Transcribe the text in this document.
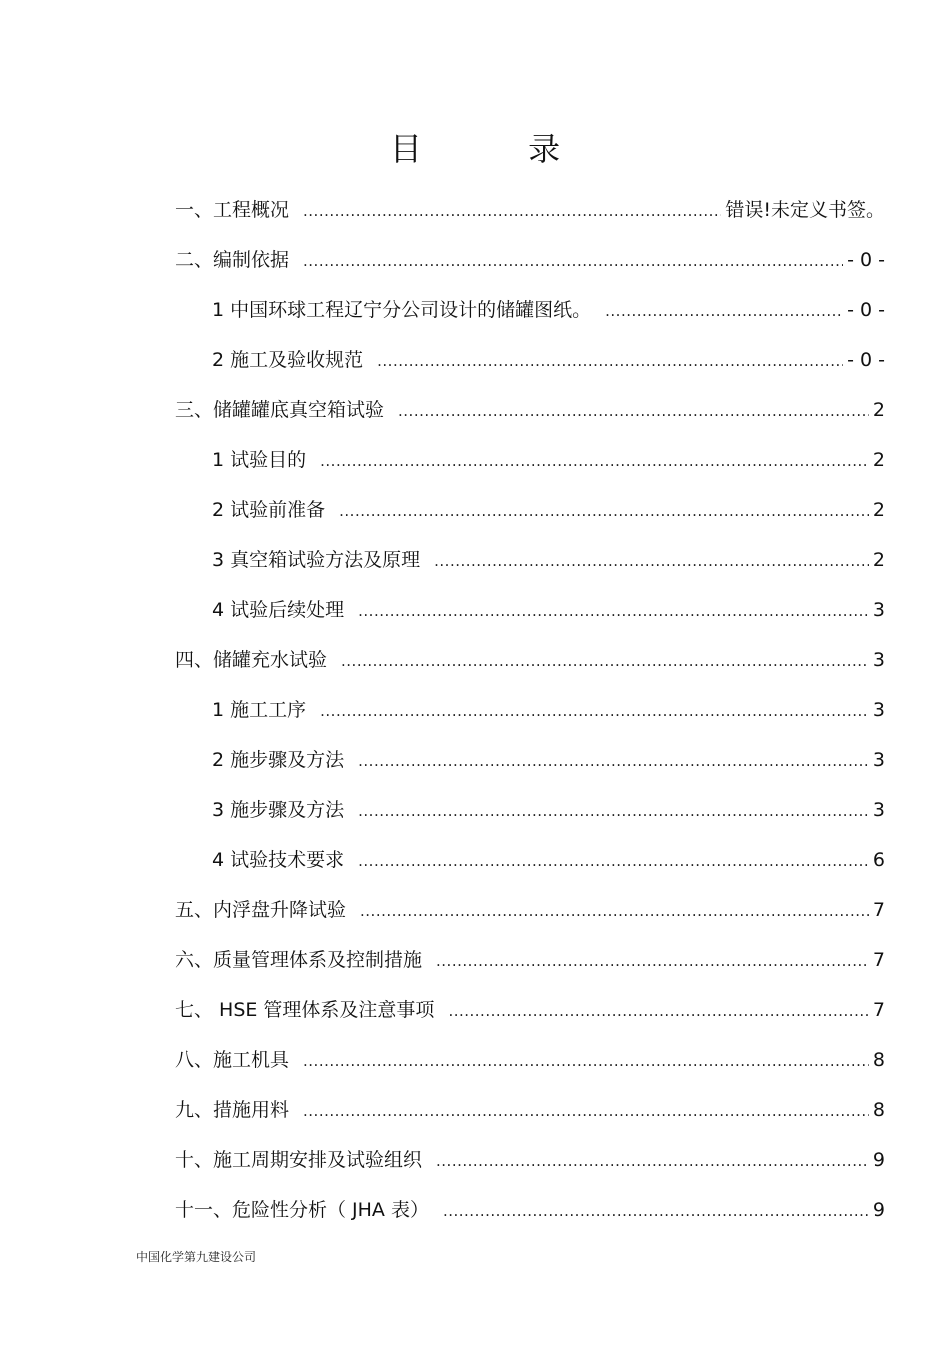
目 录
一、工程概况 .....	错误!未定义书签。
二、编制依据 .....	- 0 -
1 中国环球工程辽宁分公司设计的储罐图纸。 .....	- 0 -
2 施工及验收规范 .....	- 0 -
三、储罐罐底真空箱试验 .....	2
1 试验目的 .....	2
2 试验前准备 .....	2
3 真空箱试验方法及原理 .....	2
4 试验后续处理 .....	3
四、储罐充水试验 .....	3
1 施工工序 .....	3
2 施步骤及方法 .....	3
3 施步骤及方法 .....	3
4 试验技术要求 .....	6
五、内浮盘升降试验 .....	7
六、质量管理体系及控制措施 .....	7
七、 HSE 管理体系及注意事项 .....	7
八、施工机具 .....	8
九、措施用料 .....	8
十、施工周期安排及试验组织 .....	9
十一、危险性分析（ JHA 表） .....	9
中国化学第九建设公司
